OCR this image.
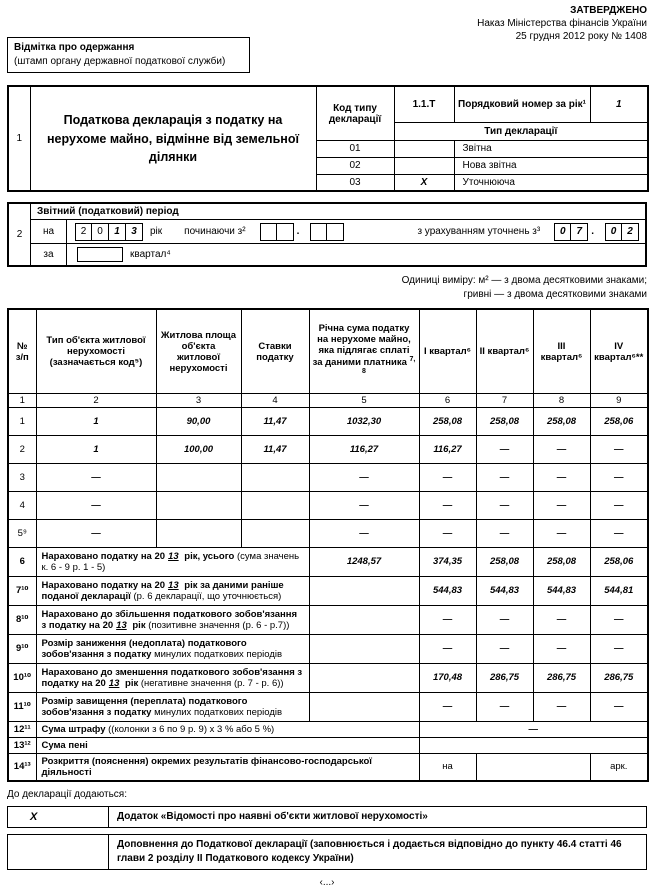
ЗАТВЕРДЖЕНО
Наказ Міністерства фінансів України
25 грудня 2012 року № 1408
Відмітка про одержання
(штамп органу державної податкової служби)
1	Податкова декларація з податку на нерухоме майно, відмінне від земельної ділянки	Код типу декларації	1.1.Т	Порядковий номер за рік¹	1
			Тип декларації		
		01		Звітна	
		02		Нова звітна	
		03	X	Уточнююча	
2
Звітний (податковий) період
на	2	0	1	3	рік починаючи з²	.	з урахуванням уточнень з³	0	7 .	0	2
за	квартал⁴
Одиниці виміру: м² — з двома десятковими знаками;
гривні — з двома десятковими знаками
№
з/п	Тип об'єкта житлової нерухомості (зазначається код⁵)	Житлова площа об'єкта житлової нерухомості	Ставки податку	Річна сума податку на нерухоме майно, яка підлягає сплаті за даними платника $^{7, 8}$	I квартал⁶	II квартал⁶	III квартал⁶	IV квартал⁶**
1	2	3	4	5	6	7	8	9
1	1	90,00	11,47	1032,30	258,08	258,08	258,08	258,06
2	1	100,00	11,47	116,27	116,27	—	—	—
3	—			—	—	—	—	—
4	—			—	—	—	—	—
5⁹	—			—	—	—	—	—
6	Нараховано податку на 20 13 рік, усього (сума значень к. 6 - 9 р. 1 - 5)			1248,57	374,35	258,08	258,08	258,06
7¹⁰	Нараховано податку на 20 13 рік за даними раніше поданої декларації (р. 6 декларації, що уточнюється)				544,83	544,83	544,83	544,81
8¹⁰	Нараховано до збільшення податкового зобов'язання з податку на 20 13 рік (позитивне значення (р. 6 - р.7))				—	—	—	—
9¹⁰	Розмір заниження (недоплата) податкового зобов'язання з податку минулих податкових періодів				—	—	—	—
10¹⁰	Нараховано до зменшення податкового зобов'язання з податку на 20 13 рік (негативне значення (р. 7 - р. 6))				170,48	286,75	286,75	286,75
11¹⁰	Розмір завищення (переплата) податкового зобов'язання з податку минулих податкових періодів				—	—	—	—
12¹¹	Сума штрафу ((колонки з 6 по 9 р. 9) х 3 % або 5 %)				—			
13¹²	Сума пені							
14¹³	Розкриття (пояснення) окремих результатів фінансово-господарської діяльності				на			арк.
До декларації додаються:
X	Додаток «Відомості про наявні об'єкти житлової нерухомості»
Доповнення до Податкової декларації (заповнюється і додається відповідно до пункту 46.4 статті 46 глави 2 розділу II Податкового кодексу України)
‹...›
